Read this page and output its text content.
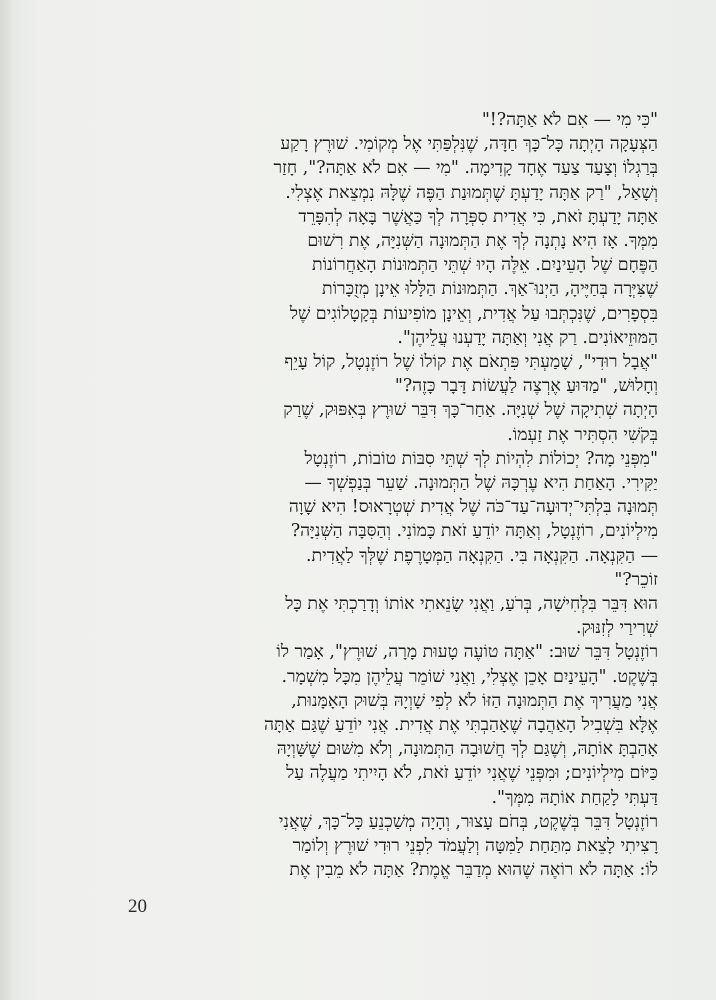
"כִּי מִי — אִם לֹא אַתָּה?!"
הַצְּעָקָה הָיְתָה כָּל־כָּךְ חַדָּה, שֶׁנִּלְפַּתִּי אֶל מְקוֹמִי. שׁוּרֶץ רָקַע
בְּרַגְלוֹ וְצָעַד צַעַד אֶחָד קָדִימָה. "מִי — אִם לֹא אַתָּה?", חָזַר
וְשָׁאַל, "רַק אַתָּה יָדַעְתָּ שֶׁתְּמוּנַת הַפֶּה שֶׁלָּהּ נִמְצֵאת אֶצְלִי.
אַתָּה יָדַעְתָּ זֹאת, כִּי אֲדִית סִפְּרָה לְךָ כַּאֲשֶׁר בָּאָה לְהִפָּרֵד
מִמְּךָ. אָז הִיא נָתְנָה לְךָ אֶת הַתְּמוּנָה הַשְּׁנִיָּה, אֶת רִשׁוּם
הַפֶּחָם שֶׁל הָעֵינַיִם. אֵלֶּה הָיוּ שְׁתֵּי הַתְּמוּנוֹת הָאַחֲרוֹנוֹת
שֶׁצִּיְּרָה בְּחַיֶּיהָ, הַיְנוּ־אַךְ. הַתְּמוּנוֹת הַלָּלוּ אֵינָן מְזֻכָּרוֹת
בִּסְפָרִים, שֶׁנִּכְתְּבוּ עַל אֲדִית, וְאֵינָן מוֹפִיעוֹת בְּקָטָלוֹגִים שֶׁל
הַמּוּזֵיאוֹנִים. רַק אֲנִי וְאַתָּה יָדַעְנוּ עֲלֵיהֶן".
"אֲבָל רוּדִי", שָׁמַעְתִּי פִּתְאֹם אֶת קוֹלוֹ שֶׁל רוֹזֶנְטָל, קוֹל עָיֵף
וְחָלוּשׁ, "מַדּוּעַ אֶרְצֶה לַעֲשׂוֹת דָּבָר כָּזֶה?"
הָיְתָה שְׁתִיקָה שֶׁל שְׁנִיָּה. אַחַר־כָּךְ דִּבֵּר שׁוּרֶץ בְּאִפּוּק, שֶׁרַק
בְּקֹשִׁי הִסְתִּיר אֶת זַעְמוֹ.
"מִפְּנֵי מָה? יְכוֹלוֹת לִהְיוֹת לְךָ שְׁתֵּי סִבּוֹת טוֹבוֹת, רוֹזֶנְטָל
יַקִּירִי. הָאַחַת הִיא עֶרְכָּהּ שֶׁל הַתְּמוּנָה. שַׁעֵר בְּנַפְשְׁךָ —
תְּמוּנָה בִּלְתִּי־יְדוּעָה־עַד־כֹּה שֶׁל אֲדִית שְׁטְרָאוּס! הִיא שָׁוָה
מִילְיוֹנִים, רוֹזֶנְטָל, וְאַתָּה יוֹדֵעַ זֹאת כָּמוֹנִי. וְהַסִּבָּה הַשְּׁנִיָּה?
— הַקִּנְאָה. הַקִּנְאָה בִּי. הַקִּנְאָה הַמְּטָרֶפֶת שֶׁלְּךָ לַאֲדִית.
זוֹכֵר?"
הוּא דִּבֵּר בִּלְחִישָׁה, בְּרֹעַ, וַאֲנִי שָׂנֵאתִי אוֹתוֹ וְדָרַכְתִּי אֶת כָּל
שְׁרִירַי לְזִנּוּק.
רוֹזֶנְטָל דִּבֵּר שׁוּב: "אַתָּה טוֹעֶה טָעוּת מָרָה, שׁוּרֶץ", אָמַר לוֹ
בְּשֶׁקֶט. "הָעֵינַיִם אָכֵן אֶצְלִי, וַאֲנִי שׁוֹמֵר עֲלֵיהֶן מִכָּל מִשְׁמָר.
אֲנִי מַעֲרִיךְ אֶת הַתְּמוּנָה הַזּוֹ לֹא לְפִי שָׁוְיָהּ בְּשׁוּק הָאָמָּנוּת,
אֶלָּא בִּשְׁבִיל הָאַהֲבָה שֶׁאָהַבְתִּי אֶת אֲדִית. אֲנִי יוֹדֵעַ שֶׁגַּם אַתָּה
אָהַבְתָּ אוֹתָהּ, וְשֶׁגַּם לְךָ חֲשׁוּבָה הַתְּמוּנָה, וְלֹא מִשּׁוּם שֶׁשָּׁוְיָהּ
כַּיּוֹם מִילְיוֹנִים; וּמִפְּנֵי שֶׁאֲנִי יוֹדֵעַ זֹאת, לֹא הָיִיתִי מַעֲלֶה עַל
דַּעְתִּי לָקַחַת אוֹתָהּ מִמְּךָ".
רוֹזֶנְטָל דִּבֵּר בְּשֶׁקֶט, בְּחֹם עָצוּר, וְהָיָה מְשַׁכְנֵעַ כָּל־כָּךְ, שֶׁאֲנִי
רָצִיתִי לָצֵאת מִתַּחַת לַמִּטָּה וְלַעֲמֹד לִפְנֵי רוּדִי שׁוּרֶץ וְלוֹמַר
לוֹ: אַתָּה לֹא רוֹאֶה שֶׁהוּא מְדַבֵּר אֱמֶת? אַתָּה לֹא מֵבִין אֶת
20
